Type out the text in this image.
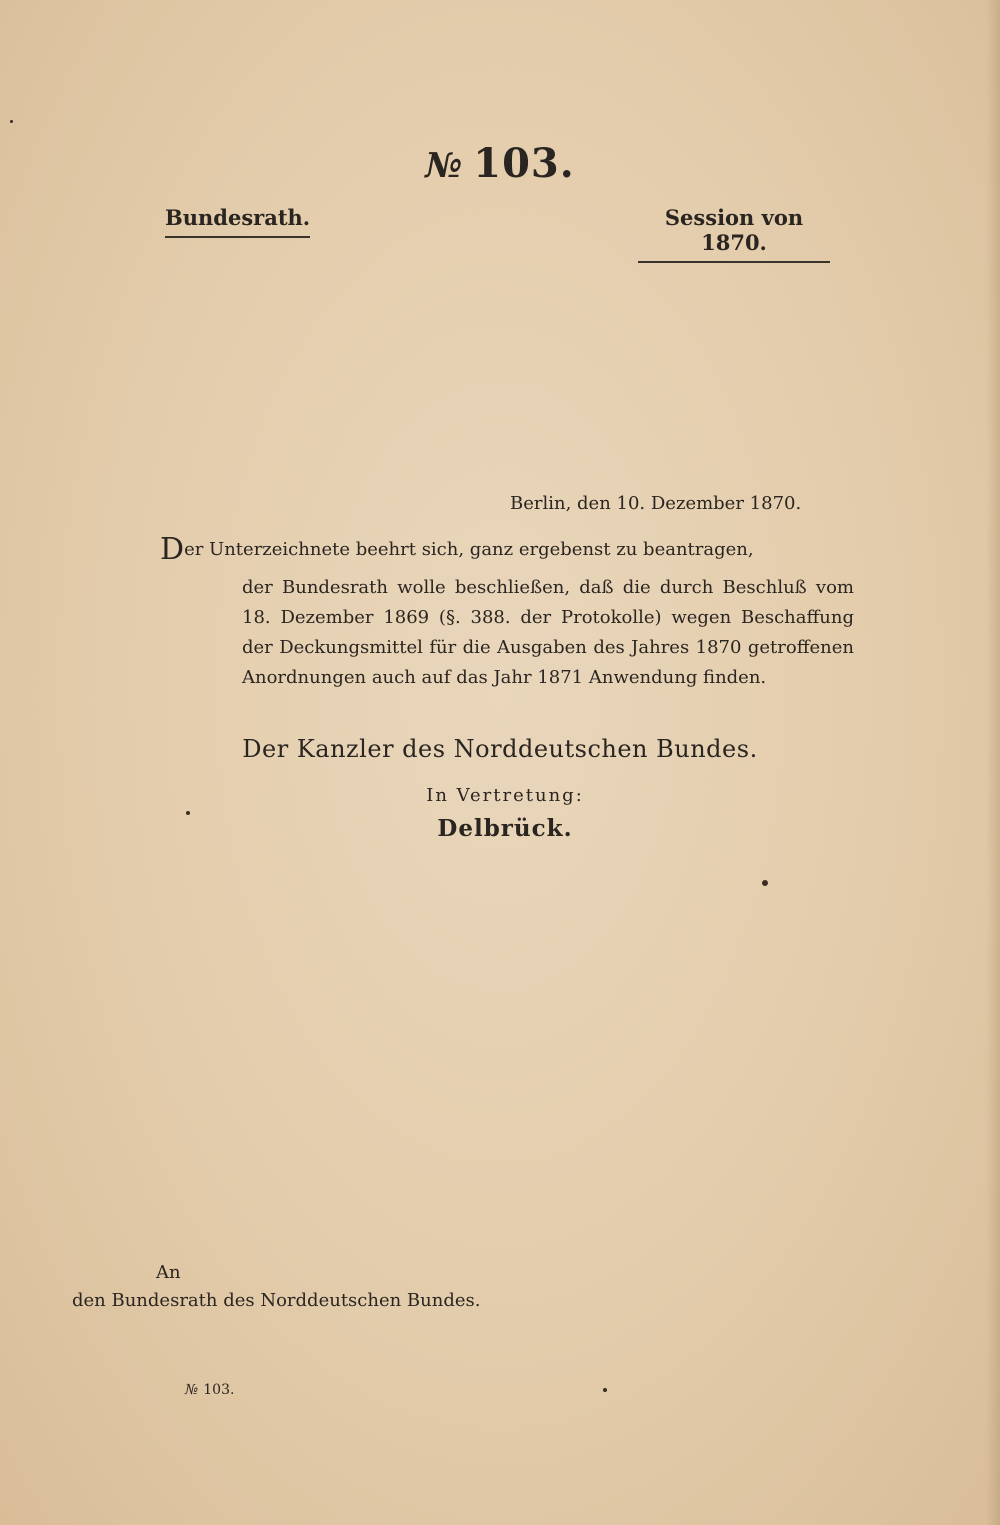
№ 103.
Bundesrath.	Session von 1870.
Berlin, den 10. Dezember 1870.
Der Unterzeichnete beehrt sich, ganz ergebenst zu beantragen,
der Bundesrath wolle beschließen, daß die durch Beschluß vom 18. Dezember 1869 (§. 388. der Protokolle) wegen Beschaffung der Deckungsmittel für die Ausgaben des Jahres 1870 getroffenen Anordnungen auch auf das Jahr 1871 Anwendung finden.
Der Kanzler des Norddeutschen Bundes.
In Vertretung:
Delbrück.
An
den Bundesrath des Norddeutschen Bundes.
№ 103.
